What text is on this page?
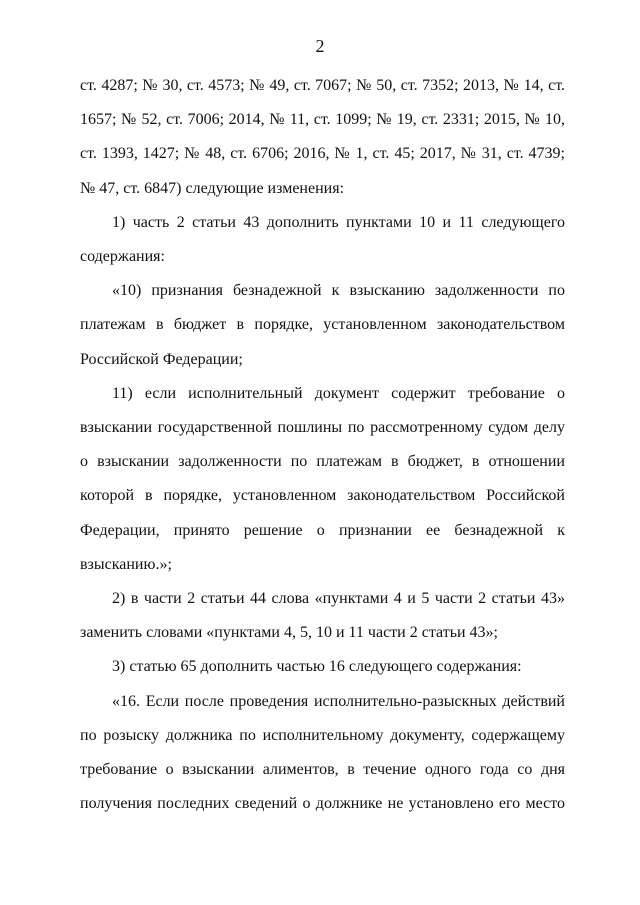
2

ст. 4287; № 30, ст. 4573; № 49, ст. 7067; № 50, ст. 7352; 2013, № 14, ст. 1657; № 52, ст. 7006; 2014, № 11, ст. 1099; № 19, ст. 2331; 2015, № 10, ст. 1393, 1427; № 48, ст. 6706; 2016, № 1, ст. 45; 2017, № 31, ст. 4739; № 47, ст. 6847) следующие изменения:

1) часть 2 статьи 43 дополнить пунктами 10 и 11 следующего содержания:

«10) признания безнадежной к взысканию задолженности по платежам в бюджет в порядке, установленном законодательством Российской Федерации;

11) если исполнительный документ содержит требование о взыскании государственной пошлины по рассмотренному судом делу о взыскании задолженности по платежам в бюджет, в отношении которой в порядке, установленном законодательством Российской Федерации, принято решение о признании ее безнадежной к взысканию.»;

2) в части 2 статьи 44 слова «пунктами 4 и 5 части 2 статьи 43» заменить словами «пунктами 4, 5, 10 и 11 части 2 статьи 43»;

3) статью 65 дополнить частью 16 следующего содержания:

«16. Если после проведения исполнительно-разыскных действий по розыску должника по исполнительному документу, содержащему требование о взыскании алиментов, в течение одного года со дня получения последних сведений о должнике не установлено его место
